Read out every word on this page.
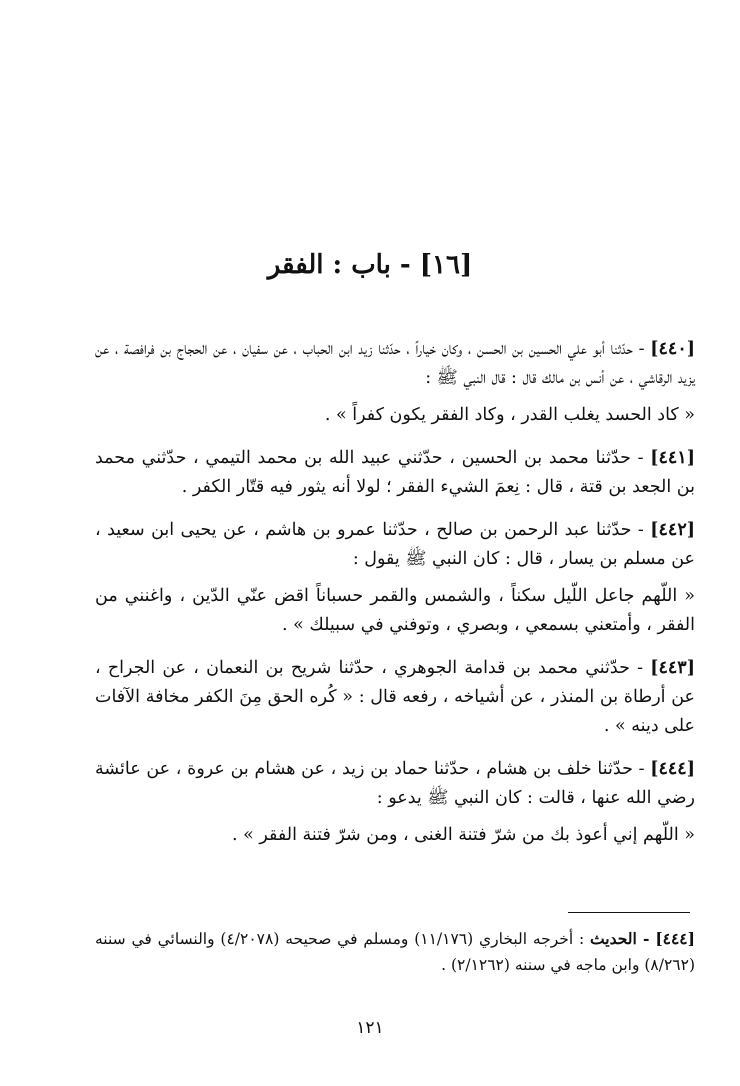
[١٦] - باب : الفقر

[٤٤٠] - حدّثنا أبو علي الحسين بن الحسن ، وكان خياراً ، حدّثنا زيد ابن الحباب ، عن سفيان ، عن الحجاج بن فرافصة ، عن يزيد الرقاشي ، عن أنس بن مالك قال : قال النبي ﷺ :

« كاد الحسد يغلب القدر ، وكاد الفقر يكون كفراً » .

[٤٤١] - حدّثنا محمد بن الحسين ، حدّثني عبيد الله بن محمد التيمي ، حدّثني محمد بن الجعد بن قتة ، قال : نِعمَ الشيء الفقر ؛ لولا أنه يثور فيه قتّار الكفر .

[٤٤٢] - حدّثنا عبد الرحمن بن صالح ، حدّثنا عمرو بن هاشم ، عن يحيى ابن سعيد ، عن مسلم بن يسار ، قال : كان النبي ﷺ يقول :

« اللّهم جاعل اللّيل سكناً ، والشمس والقمر حسباناً اقض عنّي الدّين ، واغنني من الفقر ، وأمتعني بسمعي ، وبصري ، وتوفني في سبيلك » .

[٤٤٣] - حدّثني محمد بن قدامة الجوهري ، حدّثنا شريح بن النعمان ، عن الجراح ، عن أرطاة بن المنذر ، عن أشياخه ، رفعه قال : « كُره الحق مِنَ الكفر مخافة الآفات على دينه » .

[٤٤٤] - حدّثنا خلف بن هشام ، حدّثنا حماد بن زيد ، عن هشام بن عروة ، عن عائشة رضي الله عنها ، قالت : كان النبي ﷺ يدعو :

« اللّهم إني أعوذ بك من شرّ فتنة الغنى ، ومن شرّ فتنة الفقر » .

[٤٤٤] - الحديث : أخرجه البخاري (١١/١٧٦) ومسلم في صحيحه (٤/٢٠٧٨) والنسائي في سننه (٨/٢٦٢) وابن ماجه في سننه (٢/١٢٦٢) .
١٢١
